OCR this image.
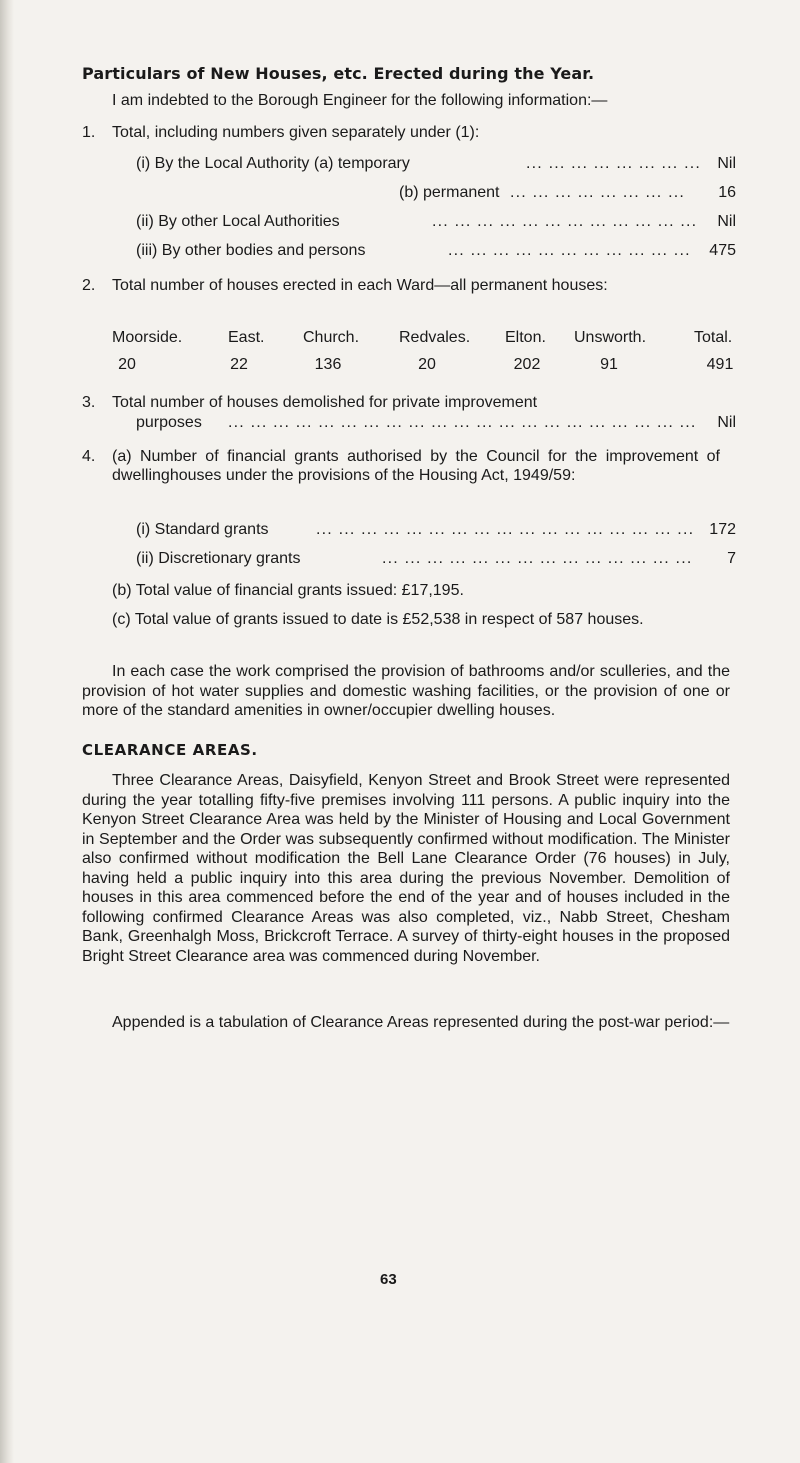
Particulars of New Houses, etc. Erected during the Year.
I am indebted to the Borough Engineer for the following information:—
1. Total, including numbers given separately under (1):
(i) By the Local Authority (a) temporary	... ... ... ... ... ... ... ...	Nil
(b) permanent ... ... ... ... ... ... ... ...	16
(ii) By other Local Authorities	... ... ... ... ... ... ... ... ... ... ... ...	Nil
(iii) By other bodies and persons	... ... ... ... ... ... ... ... ... ... ...	475
2. Total number of houses erected in each Ward—all permanent houses:
Moorside.	East. Church. Redvales. Elton. Unsworth.	Total.
20	22	136	20	202	91	491
3. Total number of houses demolished for private improvement
purposes ... ... ... ... ... ... ... ... ... ... ... ... ... ... ... ... ... ... ... ... ...	Nil
4. (a) Number of financial grants authorised by the Council for the improvement of dwellinghouses under the provisions of the Housing Act, 1949/59:
(i) Standard grants	... ... ... ... ... ... ... ... ... ... ... ... ... ... ... ... ... 172
(ii) Discretionary grants	... ... ... ... ... ... ... ... ... ... ... ... ... ...	7
(b) Total value of financial grants issued: £17,195.
(c) Total value of grants issued to date is £52,538 in respect of 587 houses.

In each case the work comprised the provision of bathrooms and/or sculleries, and the provision of hot water supplies and domestic washing facilities, or the provision of one or more of the standard amenities in owner/occupier dwelling houses.

CLEARANCE AREAS.

Three Clearance Areas, Daisyfield, Kenyon Street and Brook Street were represented during the year totalling fifty-five premises involving 111 persons. A public inquiry into the Kenyon Street Clearance Area was held by the Minister of Housing and Local Government in September and the Order was subsequently confirmed without modification. The Minister also confirmed without modification the Bell Lane Clearance Order (76 houses) in July, having held a public inquiry into this area during the previous November. Demolition of houses in this area commenced before the end of the year and of houses included in the following confirmed Clearance Areas was also completed, viz., Nabb Street, Chesham Bank, Greenhalgh Moss, Brickcroft Terrace. A survey of thirty-eight houses in the proposed Bright Street Clearance area was commenced during November.

Appended is a tabulation of Clearance Areas represented during the post-war period:—

63
